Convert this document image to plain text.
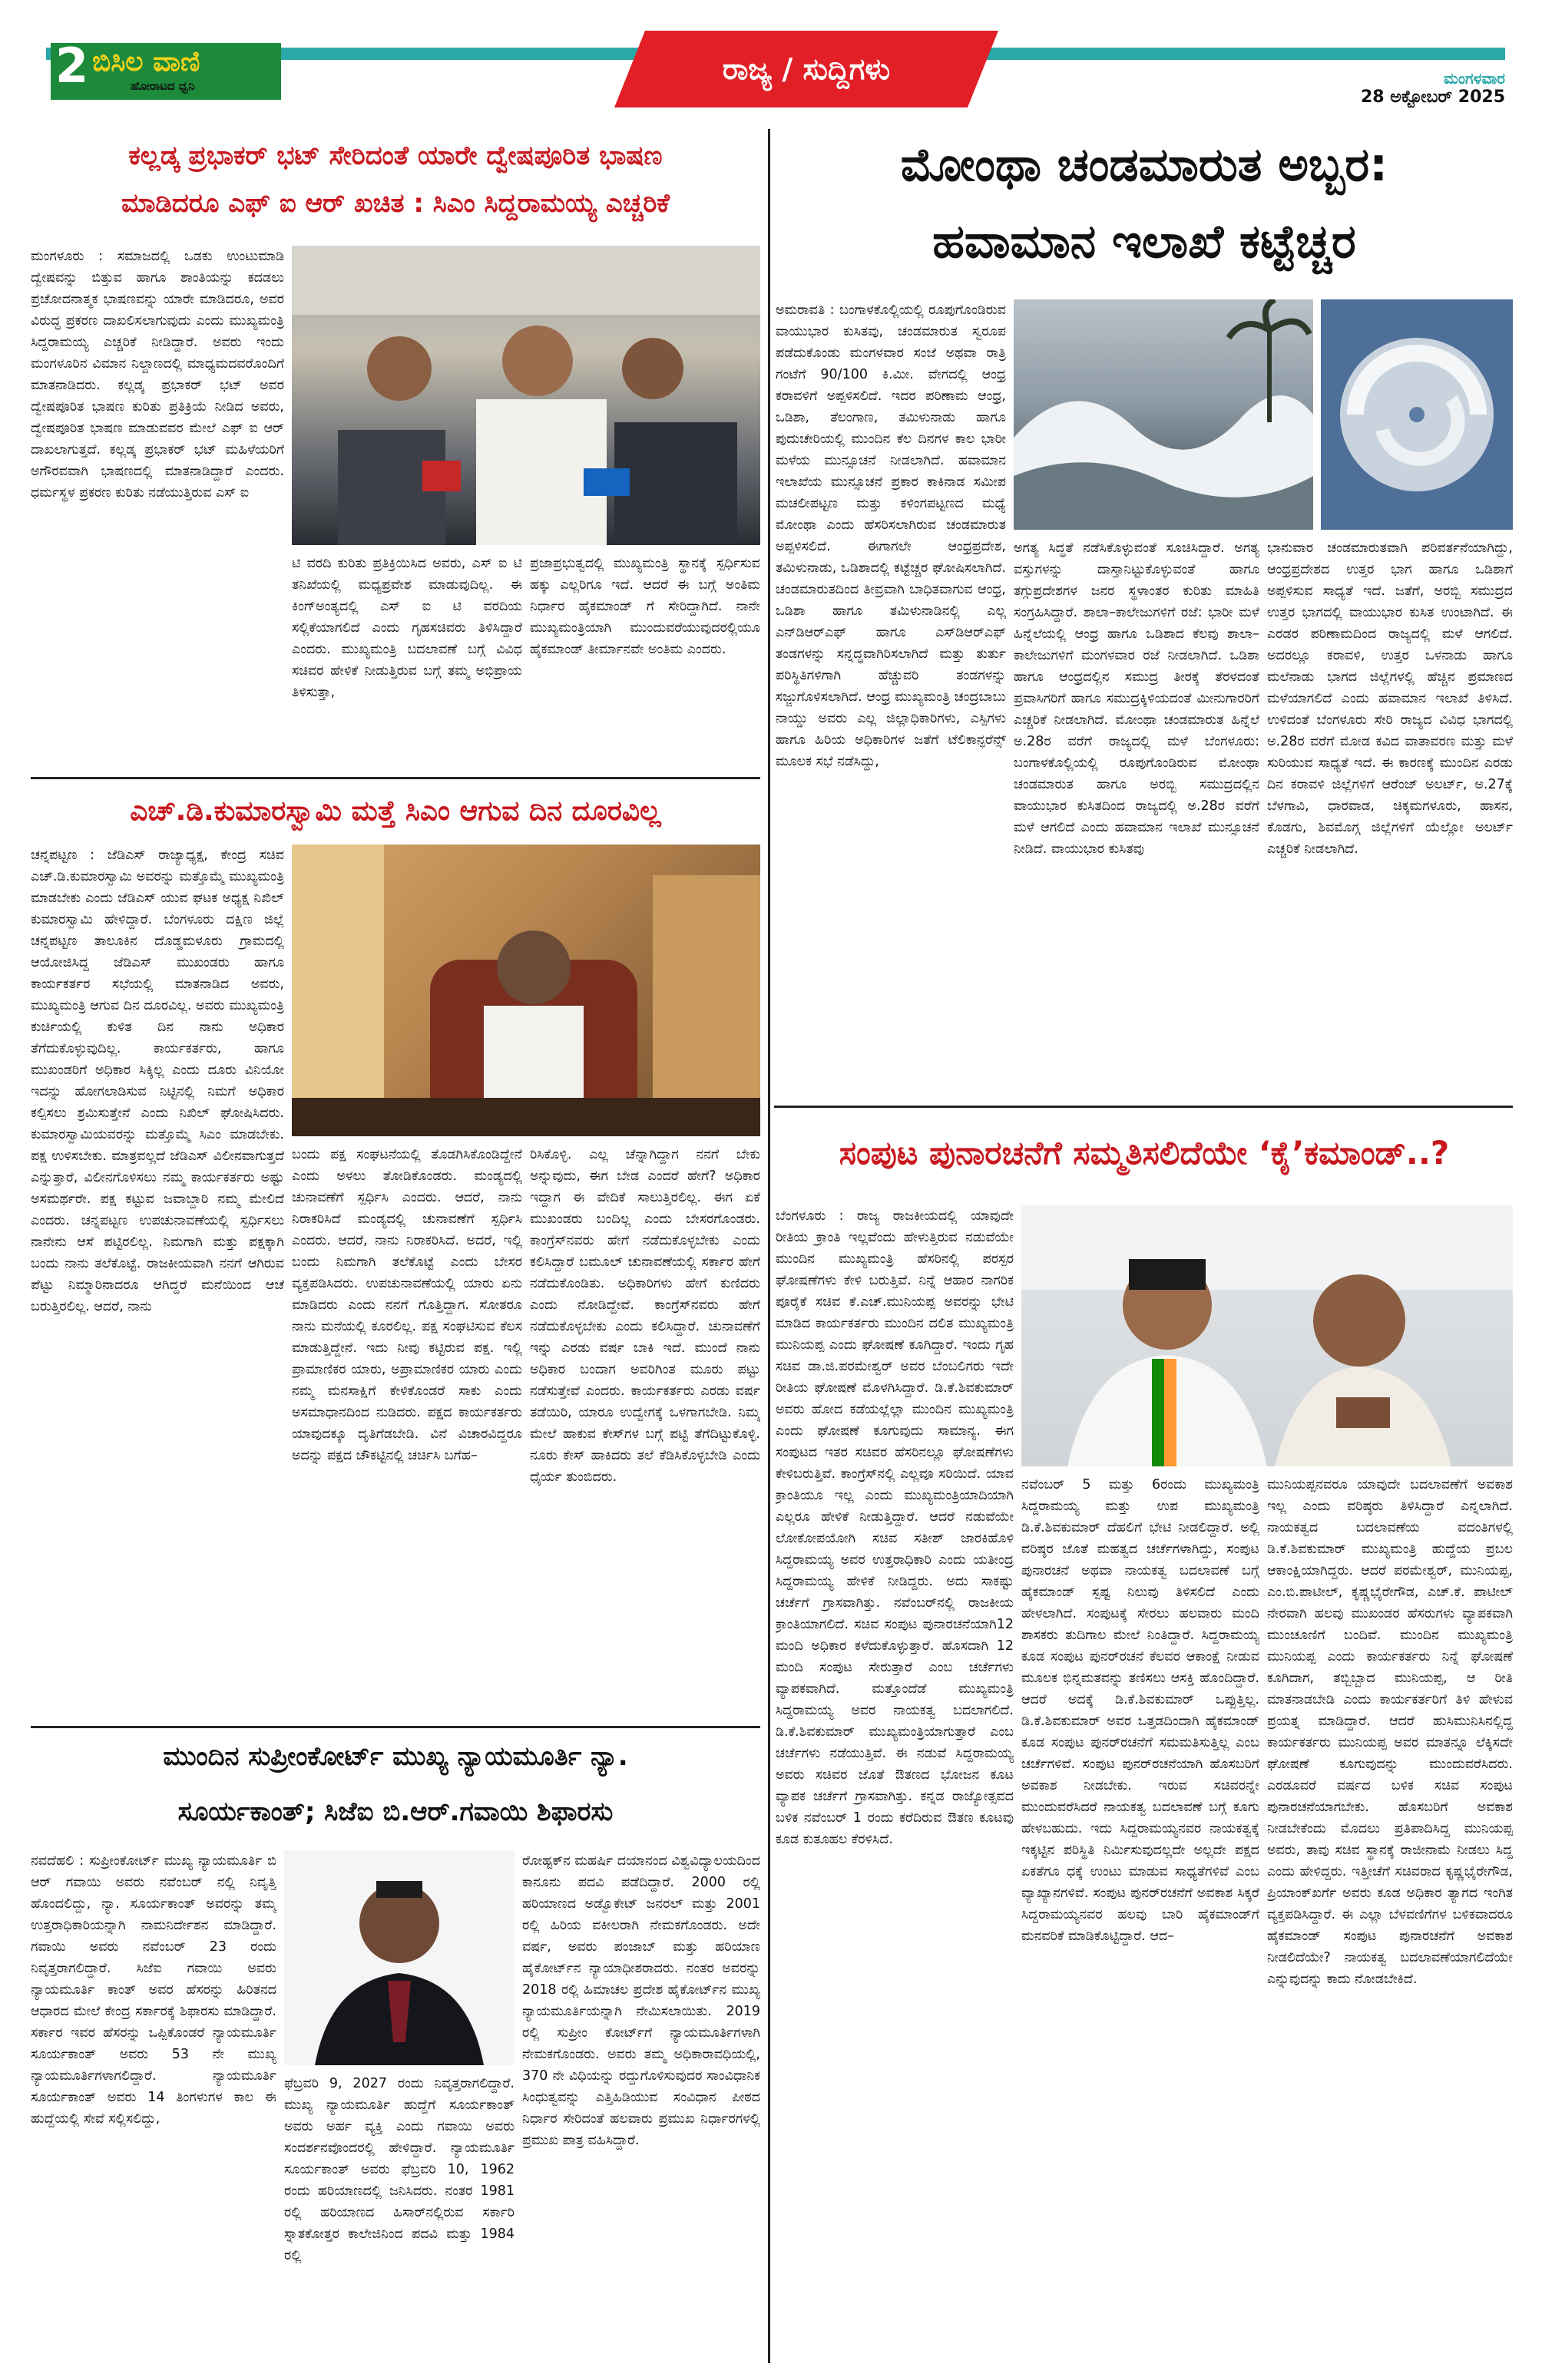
2 ಬಿಸಿಲ ವಾಣಿ
ಹೋರಾಟದ ಧ್ವನಿ	ರಾಜ್ಯ / ಸುದ್ದಿಗಳು	ಮಂಗಳವಾರ
28 ಅಕ್ಟೋಬರ್ 2025
ಕಲ್ಲಡ್ಕ ಪ್ರಭಾಕರ್ ಭಟ್ ಸೇರಿದಂತೆ ಯಾರೇ ದ್ವೇಷಪೂರಿತ ಭಾಷಣ
ಮಾಡಿದರೂ ಎಫ್ ಐ ಆರ್ ಖಚಿತ : ಸಿಎಂ ಸಿದ್ದರಾಮಯ್ಯ ಎಚ್ಚರಿಕೆ
ಮಂಗಳೂರು : ಸಮಾಜದಲ್ಲಿ ಒಡಕು ಉಂಟುಮಾಡಿ ದ್ವೇಷವನ್ನು ಬಿತ್ತುವ ಹಾಗೂ ಶಾಂತಿಯನ್ನು ಕದಡಲು ಪ್ರಚೋದನಾತ್ಮಕ ಭಾಷಣವನ್ನು ಯಾರೇ ಮಾಡಿದರೂ, ಅವರ ವಿರುದ್ಧ ಪ್ರಕರಣ ದಾಖಲಿಸಲಾಗುವುದು ಎಂದು ಮುಖ್ಯಮಂತ್ರಿ ಸಿದ್ದರಾಮಯ್ಯ ಎಚ್ಚರಿಕೆ ನೀಡಿದ್ದಾರೆ. ಅವರು ಇಂದು ಮಂಗಳೂರಿನ ವಿಮಾನ ನಿಲ್ದಾಣದಲ್ಲಿ ಮಾಧ್ಯಮದವರೊಂದಿಗೆ ಮಾತನಾಡಿದರು. ಕಲ್ಲಡ್ಕ ಪ್ರಭಾಕರ್ ಭಟ್ ಅವರ ದ್ವೇಷಪೂರಿತ ಭಾಷಣ ಕುರಿತು ಪ್ರತಿಕ್ರಿಯೆ ನೀಡಿದ ಅವರು, ದ್ವೇಷಪೂರಿತ ಭಾಷಣ ಮಾಡುವವರ ಮೇಲೆ ಎಫ್ ಐ ಆರ್ ದಾಖಲಾಗುತ್ತದೆ. ಕಲ್ಲಡ್ಕ ಪ್ರಭಾಕರ್ ಭಟ್ ಮಹಿಳೆಯರಿಗೆ ಅಗೌರವವಾಗಿ ಭಾಷಣದಲ್ಲಿ ಮಾತನಾಡಿದ್ದಾರೆ ಎಂದರು. ಧರ್ಮಸ್ಥಳ ಪ್ರಕರಣ ಕುರಿತು ನಡೆಯುತ್ತಿರುವ ಎಸ್ ಐ
ಟಿ ವರದಿ ಕುರಿತು ಪ್ರತಿಕ್ರಿಯಿಸಿದ ಅವರು, ಎಸ್ ಐ ಟಿ ತನಿಖೆಯಲ್ಲಿ ಮಧ್ಯಪ್ರವೇಶ ಮಾಡುವುದಿಲ್ಲ. ಈ ಕಿಂಗ್‌ಅಂತ್ಯದಲ್ಲಿ ಎಸ್ ಐ ಟಿ ವರದಿಯ ಸಲ್ಲಿಕೆಯಾಗಲಿದೆ ಎಂದು ಗೃಹಸಚಿವರು ತಿಳಿಸಿದ್ದಾರೆ ಎಂದರು. ಮುಖ್ಯಮಂತ್ರಿ ಬದಲಾವಣೆ ಬಗ್ಗೆ ವಿವಿಧ ಸಚಿವರ ಹೇಳಿಕೆ ನೀಡುತ್ತಿರುವ ಬಗ್ಗೆ ತಮ್ಮ ಅಭಿಪ್ರಾಯ ತಿಳಿಸುತ್ತಾ,
ಪ್ರಜಾಪ್ರಭುತ್ವದಲ್ಲಿ ಮುಖ್ಯಮಂತ್ರಿ ಸ್ಥಾನಕ್ಕೆ ಸ್ಪರ್ಧಿಸುವ ಹಕ್ಕು ಎಲ್ಲರಿಗೂ ಇದೆ. ಆದರೆ ಈ ಬಗ್ಗೆ ಅಂತಿಮ ನಿರ್ಧಾರ ಹೈಕಮಾಂಡ್ ಗೆ ಸೇರಿದ್ದಾಗಿದೆ. ನಾನೇ ಮುಖ್ಯಮಂತ್ರಿಯಾಗಿ ಮುಂದುವರೆಯುವುದರಲ್ಲಿಯೂ ಹೈಕಮಾಂಡ್ ತೀರ್ಮಾನವೇ ಅಂತಿಮ ಎಂದರು.
ಎಚ್.ಡಿ.ಕುಮಾರಸ್ವಾಮಿ ಮತ್ತೆ ಸಿಎಂ ಆಗುವ ದಿನ ದೂರವಿಲ್ಲ
ಚನ್ನಪಟ್ಟಣ : ಜೆಡಿಎಸ್ ರಾಜ್ಯಾಧ್ಯಕ್ಷ, ಕೇಂದ್ರ ಸಚಿವ ಎಚ್.ಡಿ.ಕುಮಾರಸ್ವಾಮಿ ಅವರನ್ನು ಮತ್ತೊಮ್ಮೆ ಮುಖ್ಯಮಂತ್ರಿ ಮಾಡಬೇಕು ಎಂದು ಜೆಡಿಎಸ್ ಯುವ ಘಟಕ ಅಧ್ಯಕ್ಷ ನಿಖಿಲ್ ಕುಮಾರಸ್ವಾಮಿ ಹೇಳಿದ್ದಾರೆ. ಬೆಂಗಳೂರು ದಕ್ಷಿಣ ಜಿಲ್ಲೆ ಚನ್ನಪಟ್ಟಣ ತಾಲೂಕಿನ ದೊಡ್ಡಮಳೂರು ಗ್ರಾಮದಲ್ಲಿ ಆಯೋಜಿಸಿದ್ದ ಜೆಡಿಎಸ್ ಮುಖಂಡರು ಹಾಗೂ ಕಾರ್ಯಕರ್ತರ ಸಭೆಯಲ್ಲಿ ಮಾತನಾಡಿದ ಅವರು, ಮುಖ್ಯಮಂತ್ರಿ ಆಗುವ ದಿನ ದೂರವಿಲ್ಲ. ಅವರು ಮುಖ್ಯಮಂತ್ರಿ ಕುರ್ಚಿಯಲ್ಲಿ ಕುಳಿತ ದಿನ ನಾನು ಅಧಿಕಾರ ತೆಗೆದುಕೊಳ್ಳುವುದಿಲ್ಲ. ಕಾರ್ಯಕರ್ತರು, ಹಾಗೂ ಮುಖಂಡರಿಗೆ ಅಧಿಕಾರ ಸಿಕ್ಕಿಲ್ಲ ಎಂದು ದೂರು ವಿನಿಯೋ ಇದನ್ನು ಹೋಗಲಾಡಿಸುವ ನಿಟ್ಟಿನಲ್ಲಿ ನಿಮಗೆ ಅಧಿಕಾರ ಕಲ್ಪಿಸಲು ಶ್ರಮಿಸುತ್ತೇನೆ ಎಂದು ನಿಖಿಲ್ ಘೋಷಿಸಿದರು. ಕುಮಾರಸ್ವಾಮಿಯವರನ್ನು ಮತ್ತೊಮ್ಮೆ ಸಿಎಂ ಮಾಡಬೇಕು. ಪಕ್ಷ ಉಳಿಸಬೇಕು. ಮಾತ್ರವಲ್ಲದೆ ಜೆಡಿಎಸ್ ವಿಲೀನವಾಗುತ್ತದೆ ಎನ್ನುತ್ತಾರೆ, ವಿಲೀನಗೊಳಿಸಲು ನಮ್ಮ ಕಾರ್ಯಕರ್ತರು ಅಷ್ಟು ಅಸಮರ್ಥರೇ. ಪಕ್ಷ ಕಟ್ಟುವ ಜವಾಬ್ದಾರಿ ನಮ್ಮ ಮೇಲಿದೆ ಎಂದರು. ಚನ್ನಪಟ್ಟಣ ಉಪಚುನಾವಣೆಯಲ್ಲಿ ಸ್ಪರ್ಧಿಸಲು ನಾನೇನು ಆಸೆ ಪಟ್ಟಿರಲಿಲ್ಲ. ನಿಮಗಾಗಿ ಮತ್ತು ಪಕ್ಷಕ್ಕಾಗಿ ಬಂದು ನಾನು ತಲೆಕೊಟ್ಟೆ. ರಾಜಕೀಯವಾಗಿ ನನಗೆ ಆಗಿರುವ ಪೆಟ್ಟು ನಿಮ್ಮಾರಿನಾದರೂ ಆಗಿದ್ದರೆ ಮನೆಯಿಂದ ಆಚೆ ಬರುತ್ತಿರಲಿಲ್ಲ. ಆದರೆ, ನಾನು
ಬಂದು ಪಕ್ಷ ಸಂಘಟನೆಯಲ್ಲಿ ತೊಡಗಿಸಿಕೊಂಡಿದ್ದೇನೆ ಎಂದು ಅಳಲು ತೋಡಿಕೊಂಡರು. ಮಂಡ್ಯದಲ್ಲಿ ಚುನಾವಣೆಗೆ ಸ್ಪರ್ಧಿಸಿ ಎಂದರು. ಆದರೆ, ನಾನು ನಿರಾಕರಿಸಿದೆ ಮಂಡ್ಯದಲ್ಲಿ ಚುನಾವಣೆಗೆ ಸ್ಪರ್ಧಿಸಿ ಎಂದರು. ಆದರೆ, ನಾನು ನಿರಾಕರಿಸಿದೆ. ಅದರೆ, ಇಲ್ಲಿ ಬಂದು ನಿಮಗಾಗಿ ತಲೆಕೊಟ್ಟೆ ಎಂದು ಬೇಸರ ವ್ಯಕ್ತಪಡಿಸಿದರು. ಉಪಚುನಾವಣೆಯಲ್ಲಿ ಯಾರು ಏನು ಮಾಡಿದರು ಎಂದು ನನಗೆ ಗೊತ್ತಿದ್ದಾಗ. ಸೋತರೂ ನಾನು ಮನೆಯಲ್ಲಿ ಕೂರಲಿಲ್ಲ. ಪಕ್ಷ ಸಂಘಟಿಸುವ ಕೆಲಸ ಮಾಡುತ್ತಿದ್ದೇನೆ. ಇದು ನೀವು ಕಟ್ಟಿರುವ ಪಕ್ಷ. ಇಲ್ಲಿ ಪ್ರಾಮಾಣಿಕರ ಯಾರು, ಅಪ್ರಾಮಾಣಿಕರ ಯಾರು ಎಂದು ನಮ್ಮ ಮನಸಾಕ್ಷಿಗೆ ಕೇಳಿಕೊಂಡರೆ ಸಾಕು ಎಂದು ಅಸಮಾಧಾನದಿಂದ ನುಡಿದರು. ಪಕ್ಷದ ಕಾರ್ಯಕರ್ತರು ಯಾವುದಕ್ಕೂ ದೃತಿಗೆಡಬೇಡಿ. ವಿನೆ ವಿಚಾರವಿದ್ದರೂ ಅದನ್ನು ಪಕ್ಷದ ಚೌಕಟ್ಟಿನಲ್ಲಿ ಚರ್ಚಿಸಿ ಬಗೆಹ–
ರಿಸಿಕೊಳ್ಳಿ. ಎಲ್ಲ ಚೆನ್ನಾಗಿದ್ದಾಗ ನನಗೆ ಬೇಕು ಅನ್ನುವುದು, ಈಗ ಬೇಡ ಎಂದರೆ ಹೇಗೆ? ಅಧಿಕಾರ ಇದ್ದಾಗ ಈ ವೇದಿಕೆ ಸಾಲುತ್ತಿರಲಿಲ್ಲ. ಈಗ ಏಕೆ ಮುಖಂಡರು ಬಂದಿಲ್ಲ ಎಂದು ಬೇಸರಗೊಂಡರು. ಕಾಂಗ್ರೆಸ್‌ನವರು ಹೇಗೆ ನಡೆದುಕೊಳ್ಳಬೇಕು ಎಂದು ಕಲಿಸಿದ್ದಾರೆ ಬಮೂಲ್ ಚುನಾವಣೆಯಲ್ಲಿ ಸರ್ಕಾರ ಹೇಗೆ ನಡೆದುಕೊಂಡಿತು. ಅಧಿಕಾರಿಗಳು ಹೇಗೆ ಕುಣಿದರು ಎಂದು ನೋಡಿದ್ದೇವೆ. ಕಾಂಗ್ರೆಸ್‌ನವರು ಹೇಗೆ ನಡೆದುಕೊಳ್ಳಬೇಕು ಎಂದು ಕಲಿಸಿದ್ದಾರೆ. ಚುನಾವಣೆಗೆ ಇನ್ನು ಎರಡು ವರ್ಷ ಬಾಕಿ ಇದೆ. ಮುಂದೆ ನಾನು ಅಧಿಕಾರ ಬಂದಾಗ ಅವರಿಗಿಂತ ಮೂರು ಪಟ್ಟು ನಡೆಸುತ್ತೇವೆ ಎಂದರು. ಕಾರ್ಯಕರ್ತರು ಎರಡು ವರ್ಷ ತಡೆಯಿರಿ, ಯಾರೂ ಉದ್ವೇಗಕ್ಕೆ ಒಳಗಾಗಬೇಡಿ. ನಿಮ್ಮ ಮೇಲೆ ಹಾಕುವ ಕೇಸ್‌ಗಳ ಬಗ್ಗೆ ಪಟ್ಟಿ ತೆಗೆದಿಟ್ಟುಕೊಳ್ಳಿ. ನೂರು ಕೇಸ್ ಹಾಕಿದರು ತಲೆ ಕೆಡಿಸಿಕೊಳ್ಳಬೇಡಿ ಎಂದು ಧೈರ್ಯ ತುಂಬಿದರು.
ಮುಂದಿನ ಸುಪ್ರೀಂಕೋರ್ಟ್ ಮುಖ್ಯ ನ್ಯಾಯಮೂರ್ತಿ ನ್ಯಾ.
ಸೂರ್ಯಕಾಂತ್; ಸಿಜೆಐ ಬಿ.ಆರ್.ಗವಾಯಿ ಶಿಫಾರಸು
ನವದೆಹಲಿ : ಸುಪ್ರೀಂಕೋರ್ಟ್ ಮುಖ್ಯ ನ್ಯಾಯಮೂರ್ತಿ ಬಿ ಆರ್ ಗವಾಯಿ ಅವರು ನವೆಂಬರ್ ನಲ್ಲಿ ನಿವೃತ್ತಿ ಹೊಂದಲಿದ್ದು, ನ್ಯಾ. ಸೂರ್ಯಕಾಂತ್ ಅವರನ್ನು ತಮ್ಮ ಉತ್ತರಾಧಿಕಾರಿಯನ್ನಾಗಿ ನಾಮನಿರ್ದೇಶನ ಮಾಡಿದ್ದಾರೆ. ಗವಾಯಿ ಅವರು ನವೆಂಬರ್ 23 ರಂದು ನಿವೃತ್ತರಾಗಲಿದ್ದಾರೆ. ಸಿಜೆಐ ಗವಾಯಿ ಅವರು ನ್ಯಾಯಮೂರ್ತಿ ಕಾಂತ್ ಅವರ ಹೆಸರನ್ನು ಹಿರಿತನದ ಆಧಾರದ ಮೇಲೆ ಕೇಂದ್ರ ಸರ್ಕಾರಕ್ಕೆ ಶಿಫಾರಸು ಮಾಡಿದ್ದಾರೆ. ಸರ್ಕಾರ ಇವರ ಹೆಸರನ್ನು ಒಪ್ಪಿಕೊಂಡರೆ ನ್ಯಾಯಮೂರ್ತಿ ಸೂರ್ಯಕಾಂತ್ ಅವರು 53 ನೇ ಮುಖ್ಯ ನ್ಯಾಯಮೂರ್ತಿಗಳಾಗಲಿದ್ದಾರೆ. ನ್ಯಾಯಮೂರ್ತಿ ಸೂರ್ಯಕಾಂತ್ ಅವರು 14 ತಿಂಗಳುಗಳ ಕಾಲ ಈ ಹುದ್ದೆಯಲ್ಲಿ ಸೇವೆ ಸಲ್ಲಿಸಲಿದ್ದು,
ಫೆಬ್ರವರಿ 9, 2027 ರಂದು ನಿವೃತ್ತರಾಗಲಿದ್ದಾರೆ. ಮುಖ್ಯ ನ್ಯಾಯಮೂರ್ತಿ ಹುದ್ದೆಗೆ ಸೂರ್ಯಕಾಂತ್ ಅವರು ಅರ್ಹ ವ್ಯಕ್ತಿ ಎಂದು ಗವಾಯಿ ಅವರು ಸಂದರ್ಶನವೊಂದರಲ್ಲಿ ಹೇಳಿದ್ದಾರೆ. ನ್ಯಾಯಮೂರ್ತಿ ಸೂರ್ಯಕಾಂತ್ ಅವರು ಫೆಬ್ರವರಿ 10, 1962 ರಂದು ಹರಿಯಾಣದಲ್ಲಿ ಜನಿಸಿದರು. ನಂತರ 1981 ರಲ್ಲಿ ಹರಿಯಾಣದ ಹಿಸಾರ್‌ನಲ್ಲಿರುವ ಸರ್ಕಾರಿ ಸ್ನಾತಕೋತ್ತರ ಕಾಲೇಜಿನಿಂದ ಪದವಿ ಮತ್ತು 1984 ರಲ್ಲಿ
ರೋಹ್ಟಕ್‌ನ ಮಹರ್ಷಿ ದಯಾನಂದ ವಿಶ್ವವಿದ್ಯಾಲಯದಿಂದ ಕಾನೂನು ಪದವಿ ಪಡೆದಿದ್ದಾರೆ. 2000 ರಲ್ಲಿ ಹರಿಯಾಣದ ಅಡ್ವೊಕೇಟ್ ಜನರಲ್ ಮತ್ತು 2001 ರಲ್ಲಿ ಹಿರಿಯ ವಕೀಲರಾಗಿ ನೇಮಕಗೊಂಡರು. ಅದೇ ವರ್ಷ, ಅವರು ಪಂಜಾಬ್ ಮತ್ತು ಹರಿಯಾಣ ಹೈಕೋರ್ಟ್‌ನ ನ್ಯಾಯಾಧೀಶರಾದರು. ನಂತರ ಅವರನ್ನು 2018 ರಲ್ಲಿ ಹಿಮಾಚಲ ಪ್ರದೇಶ ಹೈಕೋರ್ಟ್‌ನ ಮುಖ್ಯ ನ್ಯಾಯಮೂರ್ತಿಯನ್ನಾಗಿ ನೇಮಿಸಲಾಯಿತು. 2019 ರಲ್ಲಿ ಸುಪ್ರೀಂ ಕೋರ್ಟ್‌ಗೆ ನ್ಯಾಯಮೂರ್ತಿಗಳಾಗಿ ನೇಮಕಗೊಂಡರು. ಅವರು ತಮ್ಮ ಅಧಿಕಾರಾವಧಿಯಲ್ಲಿ, 370 ನೇ ವಿಧಿಯನ್ನು ರದ್ದುಗೊಳಿಸುವುದರ ಸಾಂವಿಧಾನಿಕ ಸಿಂಧುತ್ವವನ್ನು ಎತ್ತಿಹಿಡಿಯುವ ಸಂವಿಧಾನ ಪೀಠದ ನಿರ್ಧಾರ ಸೇರಿದಂತೆ ಹಲವಾರು ಪ್ರಮುಖ ನಿರ್ಧಾರಗಳಲ್ಲಿ ಪ್ರಮುಖ ಪಾತ್ರ ವಹಿಸಿದ್ದಾರೆ.
ಮೋಂಥಾ ಚಂಡಮಾರುತ ಅಬ್ಬರ:
ಹವಾಮಾನ ಇಲಾಖೆ ಕಟ್ಟೆಚ್ಚರ
ಅಮರಾವತಿ : ಬಂಗಾಳಕೊಲ್ಲಿಯಲ್ಲಿ ರೂಪುಗೊಂಡಿರುವ ವಾಯುಭಾರ ಕುಸಿತವು, ಚಂಡಮಾರುತ ಸ್ವರೂಪ ಪಡೆದುಕೊಂಡು ಮಂಗಳವಾರ ಸಂಜೆ ಅಥವಾ ರಾತ್ರಿ ಗಂಟೆಗೆ 90/100 ಕಿ.ಮೀ. ವೇಗದಲ್ಲಿ ಆಂಧ್ರ ಕರಾವಳಿಗೆ ಅಪ್ಪಳಿಸಲಿದೆ. ಇದರ ಪರಿಣಾಮ ಆಂಧ್ರ, ಒಡಿಶಾ, ತೆಲಂಗಾಣ, ತಮಿಳುನಾಡು ಹಾಗೂ ಪುದುಚೇರಿಯಲ್ಲಿ ಮುಂದಿನ ಕೆಲ ದಿನಗಳ ಕಾಲ ಭಾರೀ ಮಳೆಯ ಮುನ್ಸೂಚನೆ ನೀಡಲಾಗಿದೆ. ಹವಾಮಾನ ಇಲಾಖೆಯ ಮುನ್ಸೂಚನೆ ಪ್ರಕಾರ ಕಾಕಿನಾಡ ಸಮೀಪ ಮಚಲೀಪಟ್ಟಣ ಮತ್ತು ಕಳಿಂಗಪಟ್ಟಣದ ಮಧ್ಯೆ ಮೋಂಥಾ ಎಂದು ಹೆಸರಿಸಲಾಗಿರುವ ಚಂಡಮಾರುತ ಅಪ್ಪಳಿಸಲಿದೆ. ಈಗಾಗಲೇ ಆಂಧ್ರಪ್ರದೇಶ, ತಮಿಳುನಾಡು, ಒಡಿಶಾದಲ್ಲಿ ಕಟ್ಟೆಚ್ಚರ ಘೋಷಿಸಲಾಗಿದೆ. ಚಂಡಮಾರುತದಿಂದ ತೀವ್ರವಾಗಿ ಬಾಧಿತವಾಗುವ ಆಂಧ್ರ, ಒಡಿಶಾ ಹಾಗೂ ತಮಿಳುನಾಡಿನಲ್ಲಿ ಎಲ್ಲ ಎನ್‌ಡಿಆರ್‌ಎಫ್ ಹಾಗೂ ಎಸ್‌ಡಿಆರ್‌ಎಫ್ ತಂಡಗಳನ್ನು ಸನ್ನದ್ಧವಾಗಿರಿಸಲಾಗಿದೆ ಮತ್ತು ತುರ್ತು ಪರಿಸ್ಥಿತಿಗಳಿಗಾಗಿ ಹೆಚ್ಚುವರಿ ತಂಡಗಳನ್ನು ಸಜ್ಜುಗೊಳಿಸಲಾಗಿದೆ. ಆಂಧ್ರ ಮುಖ್ಯಮಂತ್ರಿ ಚಂದ್ರಬಾಬು ನಾಯ್ಡು ಅವರು ಎಲ್ಲ ಜಿಲ್ಲಾಧಿಕಾರಿಗಳು, ಎಸ್ಪಿಗಳು ಹಾಗೂ ಹಿರಿಯ ಅಧಿಕಾರಿಗಳ ಜತೆಗೆ ಟೆಲಿಕಾನ್ಫರೆನ್ಸ್ ಮೂಲಕ ಸಭೆ ನಡೆಸಿದ್ದು,
ಅಗತ್ಯ ಸಿದ್ಧತೆ ನಡೆಸಿಕೊಳ್ಳುವಂತೆ ಸೂಚಿಸಿದ್ದಾರೆ. ಅಗತ್ಯ ವಸ್ತುಗಳನ್ನು ದಾಸ್ತಾನಿಟ್ಟುಕೊಳ್ಳುವಂತೆ ಹಾಗೂ ತಗ್ಗುಪ್ರದೇಶಗಳ ಜನರ ಸ್ಥಳಾಂತರ ಕುರಿತು ಮಾಹಿತಿ ಸಂಗ್ರಹಿಸಿದ್ದಾರೆ. ಶಾಲಾ–ಕಾಲೇಜುಗಳಿಗೆ ರಜೆ: ಭಾರೀ ಮಳೆ ಹಿನ್ನೆಲೆಯಲ್ಲಿ ಆಂಧ್ರ ಹಾಗೂ ಒಡಿಶಾದ ಕೆಲವು ಶಾಲಾ–ಕಾಲೇಜುಗಳಿಗೆ ಮಂಗಳವಾರ ರಜೆ ನೀಡಲಾಗಿದೆ. ಒಡಿಶಾ ಹಾಗೂ ಆಂಧ್ರದಲ್ಲಿನ ಸಮುದ್ರ ತೀರಕ್ಕೆ ತೆರಳದಂತೆ ಪ್ರವಾಸಿಗರಿಗೆ ಹಾಗೂ ಸಮುದ್ರಕ್ಕಿಳಿಯದಂತೆ ಮೀನುಗಾರರಿಗೆ ಎಚ್ಚರಿಕೆ ನೀಡಲಾಗಿದೆ. ಮೋಂಥಾ ಚಂಡಮಾರುತ ಹಿನ್ನೆಲೆ ಅ.28ರ ವರೆಗೆ ರಾಜ್ಯದಲ್ಲಿ ಮಳೆ ಬೆಂಗಳೂರು: ಬಂಗಾಳಕೊಲ್ಲಿಯಲ್ಲಿ ರೂಪುಗೊಂಡಿರುವ ಮೋಂಥಾ ಚಂಡಮಾರುತ ಹಾಗೂ ಅರಬ್ಬಿ ಸಮುದ್ರದಲ್ಲಿನ ವಾಯುಭಾರ ಕುಸಿತದಿಂದ ರಾಜ್ಯದಲ್ಲಿ ಅ.28ರ ವರೆಗೆ ಮಳೆ ಆಗಲಿದೆ ಎಂದು ಹವಾಮಾನ ಇಲಾಖೆ ಮುನ್ಸೂಚನೆ ನೀಡಿದೆ. ವಾಯುಭಾರ ಕುಸಿತವು
ಭಾನುವಾರ ಚಂಡಮಾರುತವಾಗಿ ಪರಿವರ್ತನೆಯಾಗಿದ್ದು, ಆಂಧ್ರಪ್ರದೇಶದ ಉತ್ತರ ಭಾಗ ಹಾಗೂ ಒಡಿಶಾಗೆ ಅಪ್ಪಳಿಸುವ ಸಾಧ್ಯತೆ ಇದೆ. ಜತೆಗೆ, ಅರಬ್ಬಿ ಸಮುದ್ರದ ಉತ್ತರ ಭಾಗದಲ್ಲಿ ವಾಯುಭಾರ ಕುಸಿತ ಉಂಟಾಗಿದೆ. ಈ ಎರಡರ ಪರಿಣಾಮದಿಂದ ರಾಜ್ಯದಲ್ಲಿ ಮಳೆ ಆಗಲಿದೆ. ಅದರಲ್ಲೂ ಕರಾವಳಿ, ಉತ್ತರ ಒಳನಾಡು ಹಾಗೂ ಮಲೆನಾಡು ಭಾಗದ ಜಿಲ್ಲೆಗಳಲ್ಲಿ ಹೆಚ್ಚಿನ ಪ್ರಮಾಣದ ಮಳೆಯಾಗಲಿದೆ ಎಂದು ಹವಾಮಾನ ಇಲಾಖೆ ತಿಳಿಸಿದೆ. ಉಳಿದಂತೆ ಬೆಂಗಳೂರು ಸೇರಿ ರಾಜ್ಯದ ವಿವಿಧ ಭಾಗದಲ್ಲಿ ಅ.28ರ ವರೆಗೆ ಮೋಡ ಕವಿದ ವಾತಾವರಣ ಮತ್ತು ಮಳೆ ಸುರಿಯುವ ಸಾಧ್ಯತೆ ಇದೆ. ಈ ಕಾರಣಕ್ಕೆ ಮುಂದಿನ ಎರಡು ದಿನ ಕರಾವಳಿ ಜಿಲ್ಲೆಗಳಿಗೆ ಆರೆಂಜ್ ಅಲರ್ಟ್, ಅ.27ಕ್ಕೆ ಬೆಳಗಾವಿ, ಧಾರವಾಡ, ಚಿಕ್ಕಮಗಳೂರು, ಹಾಸನ, ಕೊಡಗು, ಶಿವಮೊಗ್ಗ ಜಿಲ್ಲೆಗಳಿಗೆ ಯೆಲ್ಲೋ ಅಲರ್ಟ್ ಎಚ್ಚರಿಕೆ ನೀಡಲಾಗಿದೆ.
ಸಂಪುಟ ಪುನಾರಚನೆಗೆ ಸಮ್ಮತಿಸಲಿದೆಯೇ ‘ಕೈ’ಕಮಾಂಡ್..?
ಬೆಂಗಳೂರು : ರಾಜ್ಯ ರಾಜಕೀಯದಲ್ಲಿ ಯಾವುದೇ ರೀತಿಯ ಕ್ರಾಂತಿ ಇಲ್ಲವೆಂದು ಹೇಳುತ್ತಿರುವ ನಡುವೆಯೇ ಮುಂದಿನ ಮುಖ್ಯಮಂತ್ರಿ ಹೆಸರಿನಲ್ಲಿ ಪರಸ್ಪರ ಘೋಷಣೆಗಳು ಕೇಳಿ ಬರುತ್ತಿವೆ. ನಿನ್ನೆ ಆಹಾರ ನಾಗರಿಕ ಪೂರೈಕೆ ಸಚಿವ ಕೆ.ಎಚ್.ಮುನಿಯಪ್ಪ ಅವರನ್ನು ಭೇಟಿ ಮಾಡಿದ ಕಾರ್ಯಕರ್ತರು ಮುಂದಿನ ದಲಿತ ಮುಖ್ಯಮಂತ್ರಿ ಮುನಿಯಪ್ಪ ಎಂದು ಘೋಷಣೆ ಕೂಗಿದ್ದಾರೆ. ಇಂದು ಗೃಹ ಸಚಿವ ಡಾ.ಜಿ.ಪರಮೇಶ್ವರ್ ಅವರ ಬೆಂಬಲಿಗರು ಇದೇ ರೀತಿಯ ಘೋಷಣೆ ಮೊಳಗಿಸಿದ್ದಾರೆ. ಡಿ.ಕೆ.ಶಿವಕುಮಾರ್ ಅವರು ಹೋದ ಕಡೆಯಲ್ಲೆಲ್ಲಾ ಮುಂದಿನ ಮುಖ್ಯಮಂತ್ರಿ ಎಂದು ಘೋಷಣೆ ಕೂಗುವುದು ಸಾಮಾನ್ಯ. ಈಗ ಸಂಪುಟದ ಇತರ ಸಚಿವರ ಹೆಸರಿನಲ್ಲೂ ಘೋಷಣೆಗಳು ಕೇಳಿಬರುತ್ತಿವೆ. ಕಾಂಗ್ರೆಸ್‌ನಲ್ಲಿ ಎಲ್ಲವೂ ಸರಿಯಿದೆ. ಯಾವ ಕ್ರಾಂತಿಯೂ ಇಲ್ಲ ಎಂದು ಮುಖ್ಯಮಂತ್ರಿಯಾದಿಯಾಗಿ ಎಲ್ಲರೂ ಹೇಳಿಕೆ ನೀಡುತ್ತಿದ್ದಾರೆ. ಆದರೆ ನಡುವೆಯೇ ಲೋಕೋಪಯೋಗಿ ಸಚಿವ ಸತೀಶ್ ಜಾರಕಿಹೊಳಿ ಸಿದ್ದರಾಮಯ್ಯ ಅವರ ಉತ್ತರಾಧಿಕಾರಿ ಎಂದು ಯತೀಂದ್ರ ಸಿದ್ದರಾಮಯ್ಯ ಹೇಳಿಕೆ ನೀಡಿದ್ದರು. ಅದು ಸಾಕಷ್ಟು ಚರ್ಚೆಗೆ ಗ್ರಾಸವಾಗಿತ್ತು. ನವೆಂಬರ್‌ನಲ್ಲಿ ರಾಜಕೀಯ ಕ್ರಾಂತಿಯಾಗಲಿದೆ. ಸಚಿವ ಸಂಪುಟ ಪುನಾರಚನೆಯಾಗಿ12 ಮಂದಿ ಅಧಿಕಾರ ಕಳೆದುಕೊಳ್ಳುತ್ತಾರೆ. ಹೊಸದಾಗಿ 12 ಮಂದಿ ಸಂಪುಟ ಸೇರುತ್ತಾರೆ ಎಂಬ ಚರ್ಚೆಗಳು ವ್ಯಾಪಕವಾಗಿದೆ. ಮತ್ತೊಂದೆಡೆ ಮುಖ್ಯಮಂತ್ರಿ ಸಿದ್ದರಾಮಯ್ಯ ಅವರ ನಾಯಕತ್ವ ಬದಲಾಗಲಿದೆ. ಡಿ.ಕೆ.ಶಿವಕುಮಾರ್ ಮುಖ್ಯಮಂತ್ರಿಯಾಗುತ್ತಾರೆ ಎಂಬ ಚರ್ಚೆಗಳು ನಡೆಯುತ್ತಿವೆ. ಈ ನಡುವೆ ಸಿದ್ದರಾಮಯ್ಯ ಅವರು ಸಚಿವರ ಜೊತೆ ಔತಣದ ಭೋಜನ ಕೂಟ ವ್ಯಾಪಕ ಚರ್ಚೆಗೆ ಗ್ರಾಸವಾಗಿತ್ತು. ಕನ್ನಡ ರಾಜ್ಯೋತ್ಸವದ ಬಳಿಕ ನವೆಂಬರ್ 1 ರಂದು ಕರೆದಿರುವ ಔತಣ ಕೂಟವು ಕೂಡ ಕುತೂಹಲ ಕೆರಳಿಸಿದೆ.
ನವೆಂಬರ್ 5 ಮತ್ತು 6ರಂದು ಮುಖ್ಯಮಂತ್ರಿ ಸಿದ್ದರಾಮಯ್ಯ ಮತ್ತು ಉಪ ಮುಖ್ಯಮಂತ್ರಿ ಡಿ.ಕೆ.ಶಿವಕುಮಾರ್ ದೆಹಲಿಗೆ ಭೇಟಿ ನೀಡಲಿದ್ದಾರೆ. ಅಲ್ಲಿ ವರಿಷ್ಠರ ಜೊತೆ ಮಹತ್ವದ ಚರ್ಚೆಗಳಾಗಿದ್ದು, ಸಂಪುಟ ಪುನಾರಚನೆ ಅಥವಾ ನಾಯಕತ್ವ ಬದಲಾವಣೆ ಬಗ್ಗೆ ಹೈಕಮಾಂಡ್ ಸ್ಪಷ್ಟ ನಿಲುವು ತಿಳಿಸಲಿದೆ ಎಂದು ಹೇಳಲಾಗಿದೆ. ಸಂಪುಟಕ್ಕೆ ಸೇರಲು ಹಲವಾರು ಮಂದಿ ಶಾಸಕರು ತುದಿಗಾಲ ಮೇಲೆ ನಿಂತಿದ್ದಾರೆ. ಸಿದ್ದರಾಮಯ್ಯ ಕೂಡ ಸಂಪುಟ ಪುನರ್‌ರಚನೆ ಕೆಲವರ ಆಕಾಂಕ್ಷೆ ನೀಡುವ ಮೂಲಕ ಭಿನ್ನಮತವನ್ನು ತಣಿಸಲು ಆಸಕ್ತಿ ಹೊಂದಿದ್ದಾರೆ. ಆದರೆ ಅದಕ್ಕೆ ಡಿ.ಕೆ.ಶಿವಕುಮಾರ್ ಒಪ್ಪುತ್ತಿಲ್ಲ. ಡಿ.ಕೆ.ಶಿವಕುಮಾರ್ ಅವರ ಒತ್ತಡದಿಂದಾಗಿ ಹೈಕಮಾಂಡ್ ಕೂಡ ಸಂಪುಟ ಪುನರ್‌ರಚನೆಗೆ ಸಮಮತಿಸುತ್ತಿಲ್ಲ ಎಂಬ ಚರ್ಚೆಗಳಿವೆ. ಸಂಪುಟ ಪುನರ್‌ರಚನೆಯಾಗಿ ಹೊಸಬರಿಗೆ ಅವಕಾಶ ನೀಡಬೇಕು. ಇರುವ ಸಚಿವರನ್ನೇ ಮುಂದುವರೆಸಿದರೆ ನಾಯಕತ್ವ ಬದಲಾವಣೆ ಬಗ್ಗೆ ಕೂಗು ಹೇಳಬಹುದು. ಇದು ಸಿದ್ದರಾಮಯ್ಯನವರ ನಾಯಕತ್ವಕ್ಕೆ ಇಕ್ಕಟ್ಟಿನ ಪರಿಸ್ಥಿತಿ ನಿರ್ಮಿಸುವುದಲ್ಲದೇ ಅಲ್ಲದೇ ಪಕ್ಷದ ಏಕತೆಗೂ ಧಕ್ಕೆ ಉಂಟು ಮಾಡುವ ಸಾಧ್ಯತೆಗಳಿವೆ ಎಂಬ ವ್ಯಾಖ್ಯಾನಗಳಿವೆ. ಸಂಪುಟ ಪುನರ್‌ರಚನೆಗೆ ಅವಕಾಶ ಸಿಕ್ಕರೆ ಸಿದ್ದರಾಮಯ್ಯನವರ ಹಲವು ಬಾರಿ ಹೈಕಮಾಂಡ್‌ಗೆ ಮನವರಿಕೆ ಮಾಡಿಕೊಟ್ಟಿದ್ದಾರೆ. ಆದ–
ಮುನಿಯಪ್ಪನವರೂ ಯಾವುದೇ ಬದಲಾವಣೆಗೆ ಅವಕಾಶ ಇಲ್ಲ ಎಂದು ವರಿಷ್ಠರು ತಿಳಿಸಿದ್ದಾರೆ ಎನ್ನಲಾಗಿದೆ. ನಾಯಕತ್ವದ ಬದಲಾವಣೆಯ ವದಂತಿಗಳಲ್ಲಿ ಡಿ.ಕೆ.ಶಿವಕುಮಾರ್ ಮುಖ್ಯಮಂತ್ರಿ ಹುದ್ದೆಯ ಪ್ರಬಲ ಆಕಾಂಕ್ಷಿಯಾಗಿದ್ದರು. ಆದರೆ ಪರಮೇಶ್ವರ್, ಮುನಿಯಪ್ಪ, ಎಂ.ಬಿ.ಪಾಟೀಲ್, ಕೃಷ್ಣಭೈರೇಗೌಡ, ಎಚ್.ಕೆ. ಪಾಟೀಲ್ ನೇರವಾಗಿ ಹಲವು ಮುಖಂಡರ ಹೆಸರುಗಳು ವ್ಯಾಪಕವಾಗಿ ಮುಂಚೂಣಿಗೆ ಬಂದಿವೆ. ಮುಂದಿನ ಮುಖ್ಯಮಂತ್ರಿ ಮುನಿಯಪ್ಪ ಎಂದು ಕಾರ್ಯಕರ್ತರು ನಿನ್ನೆ ಘೋಷಣೆ ಕೂಗಿದಾಗ, ತಬ್ಬಿಬ್ಬಾದ ಮುನಿಯಪ್ಪ, ಆ ರೀತಿ ಮಾತನಾಡಬೇಡಿ ಎಂದು ಕಾರ್ಯಕರ್ತರಿಗೆ ತಿಳಿ ಹೇಳುವ ಪ್ರಯತ್ನ ಮಾಡಿದ್ದಾರೆ. ಆದರೆ ಹುಸಿಮುನಿಸಿನಲ್ಲಿದ್ದ ಕಾರ್ಯಕರ್ತರು ಮುನಿಯಪ್ಪ ಅವರ ಮಾತನ್ನೂ ಲೆಕ್ಕಿಸದೇ ಘೋಷಣೆ ಕೂಗುವುದನ್ನು ಮುಂದುವರೆಸಿದರು. ಎರಡೂವರೆ ವರ್ಷದ ಬಳಿಕ ಸಚಿವ ಸಂಪುಟ ಪುನಾರಚನೆಯಾಗಬೇಕು. ಹೊಸಬರಿಗೆ ಅವಕಾಶ ನೀಡಬೇಕೆಂದು ಮೊದಲು ಪ್ರತಿಪಾದಿಸಿದ್ದ ಮುನಿಯಪ್ಪ ಅವರು, ತಾವು ಸಚಿವ ಸ್ಥಾನಕ್ಕೆ ರಾಜೀನಾಮೆ ನೀಡಲು ಸಿದ್ದ ಎಂದು ಹೇಳಿದ್ದರು. ಇತ್ತೀಚೆಗೆ ಸಚಿವರಾದ ಕೃಷ್ಣಭೈರೇಗೌಡ, ಪ್ರಿಯಾಂಕ್‌ಖರ್ಗೆ ಅವರು ಕೂಡ ಅಧಿಕಾರ ತ್ಯಾಗದ ಇಂಗಿತ ವ್ಯಕ್ತಪಡಿಸಿದ್ದಾರೆ. ಈ ಎಲ್ಲಾ ಬೆಳವಣಿಗೆಗಳ ಬಳಿಕವಾದರೂ ಹೈಕಮಾಂಡ್ ಸಂಪುಟ ಪುನಾರಚನೆಗೆ ಅವಕಾಶ ನೀಡಲಿದೆಯೇ? ನಾಯಕತ್ವ ಬದಲಾವಣೆಯಾಗಲಿದೆಯೇ ಎನ್ನುವುದನ್ನು ಕಾದು ನೋಡಬೇಕಿದೆ.
